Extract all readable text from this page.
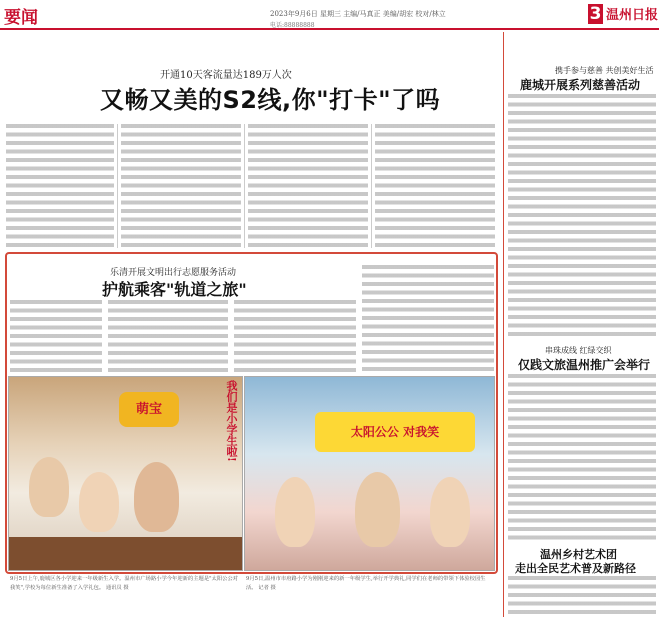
要闻	2023年9月6日 星期三 主编/马真正 美编/胡宏 校对/林立
电话:88888888
3 温州日报
开通10天客流量达189万人次
又畅又美的S2线,你"打卡"了吗
乐清开展文明出行志愿服务活动
护航乘客"轨道之旅"
萌宝	我们是小学生啦!	太阳公公 对我笑
9月5日上午,鹿城区各小学迎来一年级新生入学。温州市广场路小学今年迎新的主题是"太阳公公对我笑",学校为每位新生准备了入学礼包。 通讯员 摄
9月5日,温州市市府路小学为刚刚迎来的新一年级学生,举行开学典礼,同学们在老师的带领下体验校园生活。 记者 摄
携手参与慈善 共创美好生活
鹿城开展系列慈善活动
串珠成线 红绿交织
仅践文旅温州推广会举行
温州乡村艺术团
走出全民艺术普及新路径
